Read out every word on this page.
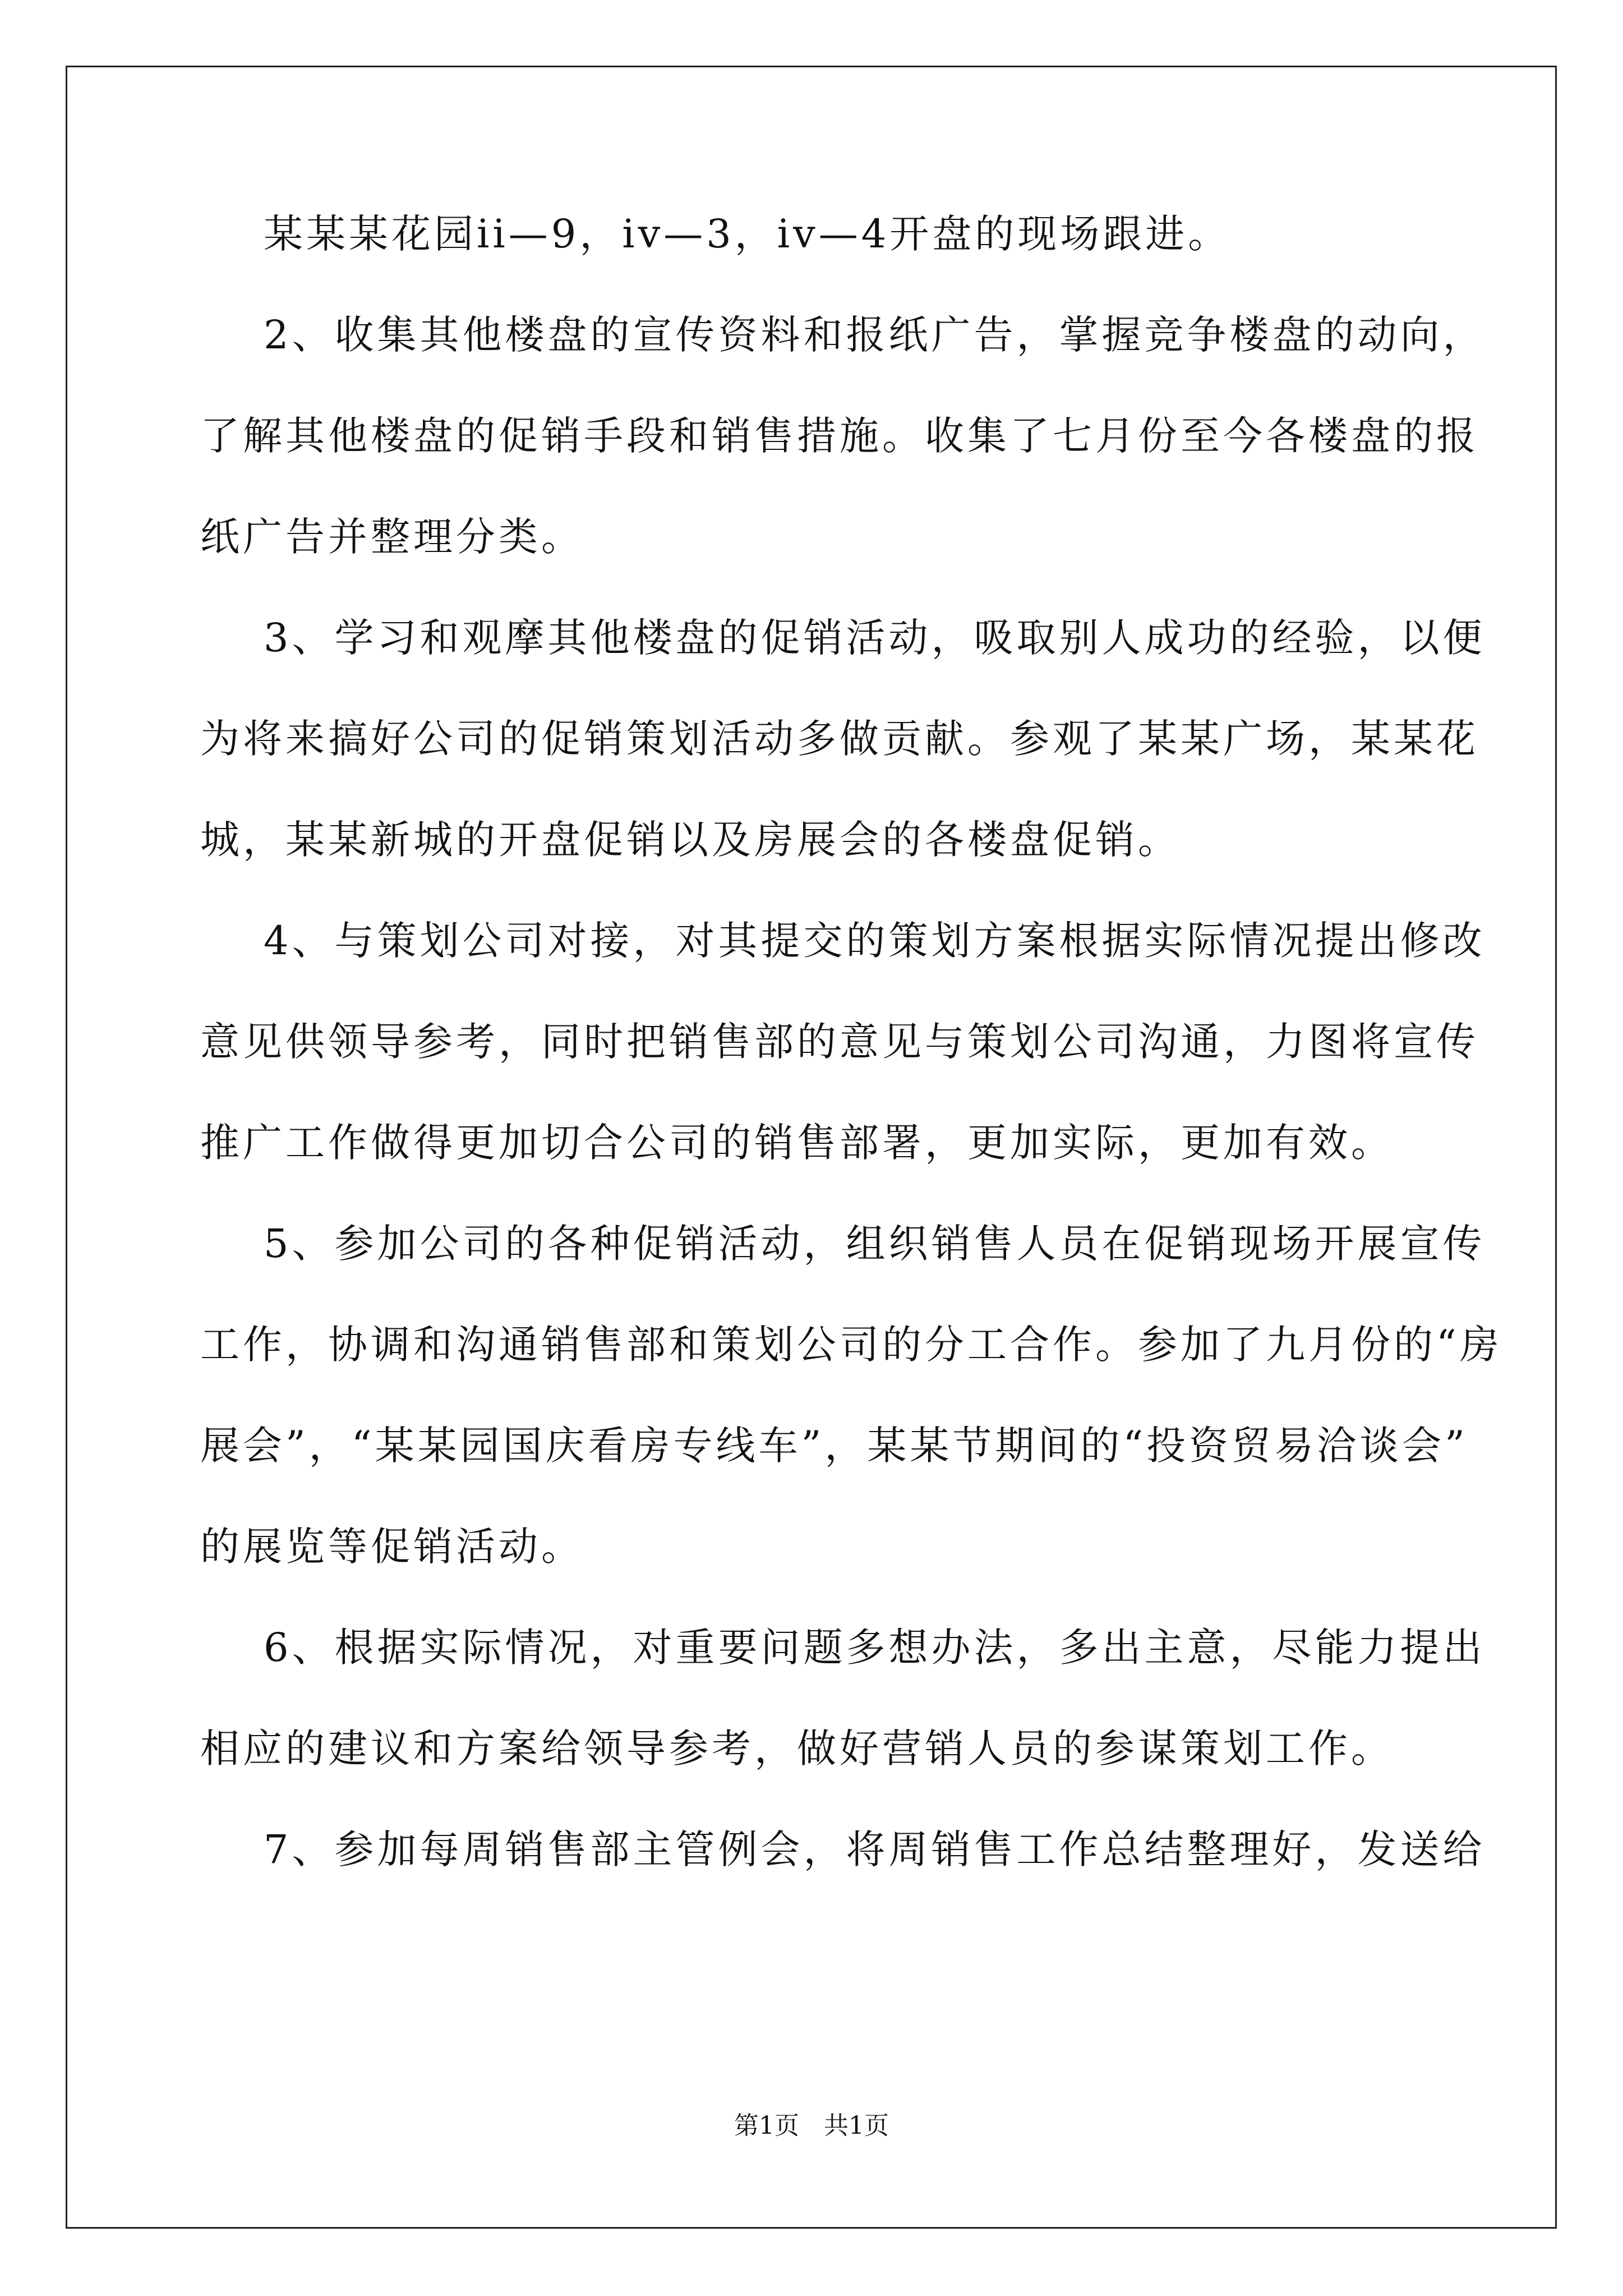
某某某花园ii—9，iv—3，iv—4开盘的现场跟进。
2、收集其他楼盘的宣传资料和报纸广告，掌握竞争楼盘的动向，
了解其他楼盘的促销手段和销售措施。收集了七月份至今各楼盘的报
纸广告并整理分类。
3、学习和观摩其他楼盘的促销活动，吸取别人成功的经验，以便
为将来搞好公司的促销策划活动多做贡献。参观了某某广场，某某花
城，某某新城的开盘促销以及房展会的各楼盘促销。
4、与策划公司对接，对其提交的策划方案根据实际情况提出修改
意见供领导参考，同时把销售部的意见与策划公司沟通，力图将宣传
推广工作做得更加切合公司的销售部署，更加实际，更加有效。
5、参加公司的各种促销活动，组织销售人员在促销现场开展宣传
工作，协调和沟通销售部和策划公司的分工合作。参加了九月份的“房
展会”，“某某园国庆看房专线车”，某某节期间的“投资贸易洽谈会”
的展览等促销活动。
6、根据实际情况，对重要问题多想办法，多出主意，尽能力提出
相应的建议和方案给领导参考，做好营销人员的参谋策划工作。
7、参加每周销售部主管例会，将周销售工作总结整理好，发送给
第1页　共1页
